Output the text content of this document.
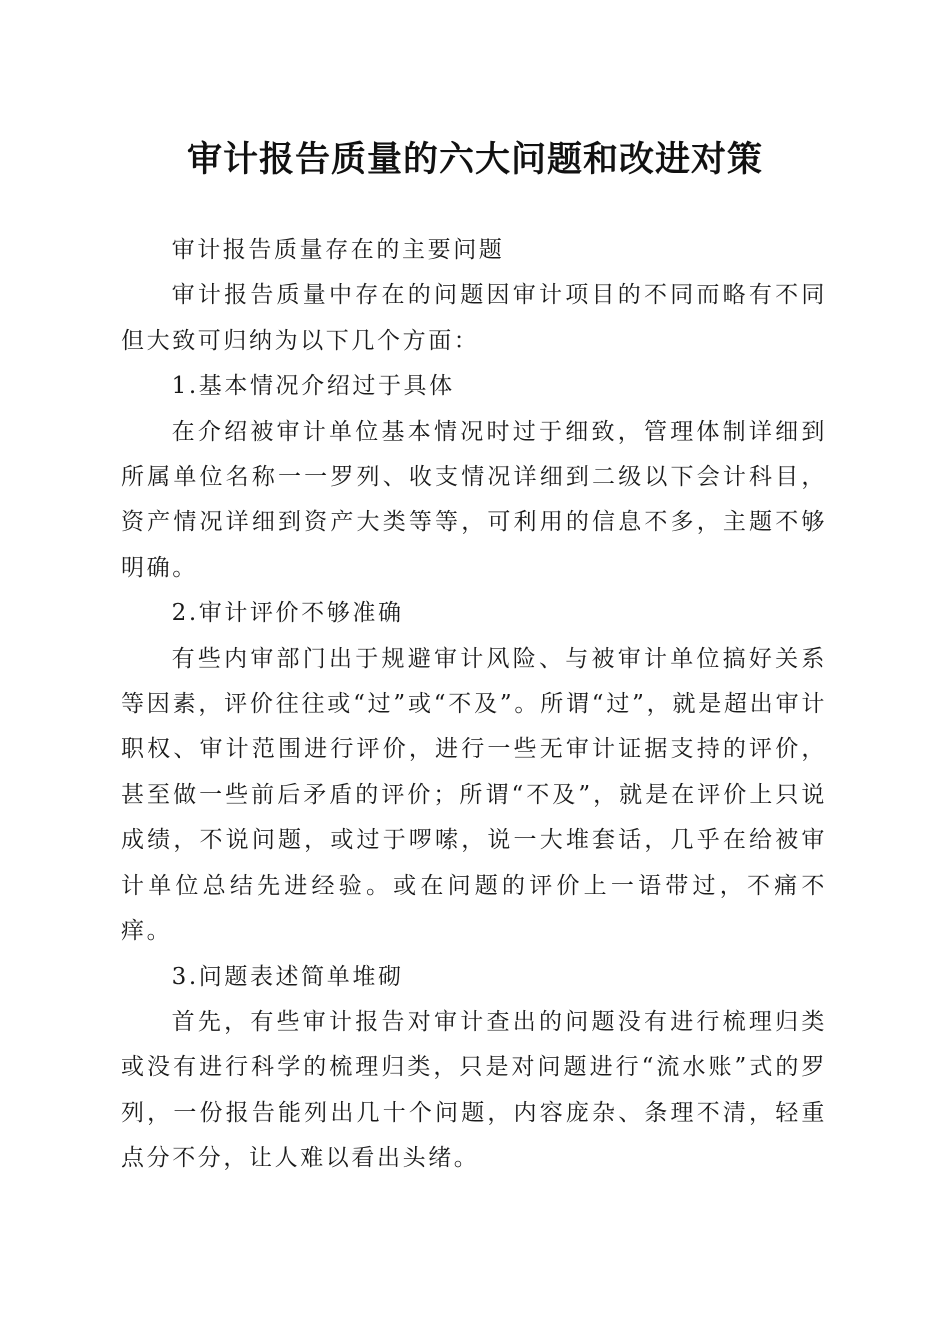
审计报告质量的六大问题和改进对策

审计报告质量存在的主要问题

审计报告质量中存在的问题因审计项目的不同而略有不同但大致可归纳为以下几个方面：

1.基本情况介绍过于具体

在介绍被审计单位基本情况时过于细致，管理体制详细到所属单位名称一一罗列、收支情况详细到二级以下会计科目，资产情况详细到资产大类等等，可利用的信息不多，主题不够明确。

2.审计评价不够准确

有些内审部门出于规避审计风险、与被审计单位搞好关系等因素，评价往往或“过”或“不及”。所谓“过”，就是超出审计职权、审计范围进行评价，进行一些无审计证据支持的评价，甚至做一些前后矛盾的评价；所谓“不及”，就是在评价上只说成绩，不说问题，或过于啰嗦，说一大堆套话，几乎在给被审计单位总结先进经验。或在问题的评价上一语带过，不痛不痒。

3.问题表述简单堆砌

首先，有些审计报告对审计查出的问题没有进行梳理归类或没有进行科学的梳理归类，只是对问题进行“流水账”式的罗列，一份报告能列出几十个问题，内容庞杂、条理不清，轻重点分不分，让人难以看出头绪。
